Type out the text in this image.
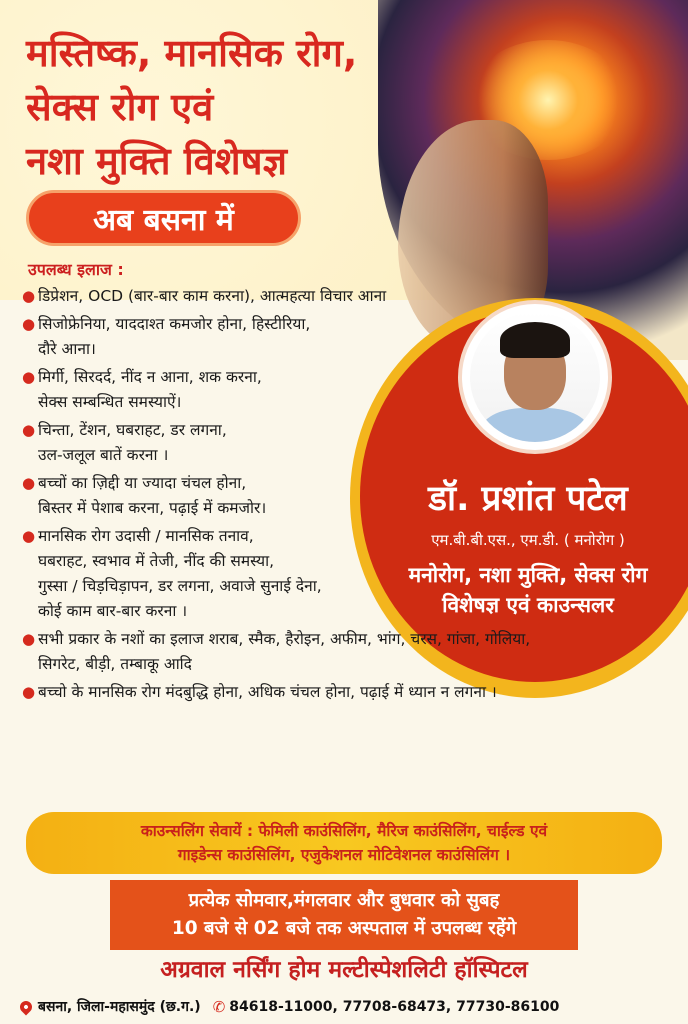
मस्तिष्क, मानसिक रोग,
सेक्स रोग एवं
नशा मुक्ति विशेषज्ञ
अब बसना में
उपलब्ध इलाज :
● डिप्रेशन, OCD (बार-बार काम करना), आत्महत्या विचार आना
● सिजोफ्रेनिया, याददाश्त कमजोर होना, हिस्टीरिया,
दौरे आना।
● मिर्गी, सिरदर्द, नींद न आना, शक करना,
सेक्स सम्बन्धित समस्याऐं।
● चिन्ता, टेंशन, घबराहट, डर लगना,
उल-जलूल बातें करना ।
● बच्चों का ज़िद्दी या ज्यादा चंचल होना,
बिस्तर में पेशाब करना, पढ़ाई में कमजोर।
● मानसिक रोग उदासी / मानसिक तनाव,
घबराहट, स्वभाव में तेजी, नींद की समस्या,
गुस्सा / चिड़चिड़ापन, डर लगना, अवाजे सुनाई देना,
कोई काम बार-बार करना ।
● सभी प्रकार के नशों का इलाज शराब, स्मैक, हैरोइन, अफीम, भांग, चरस, गांजा, गोलिया,
सिगरेट, बीड़ी, तम्बाकू आदि
● बच्चो के मानसिक रोग मंदबुद्धि होना, अधिक चंचल होना, पढ़ाई में ध्यान न लगना ।
डॉ. प्रशांत पटेल
एम.बी.बी.एस., एम.डी. ( मनोरोग )
मनोरोग, नशा मुक्ति, सेक्स रोग
विशेषज्ञ एवं काउन्सलर
काउन्सलिंग सेवायें : फेमिली काउंसिलिंग, मैरिज काउंसिलिंग, चाईल्ड एवं
गाइडेन्स काउंसिलिंग, एजुकेशनल मोटिवेशनल काउंसिलिंग ।
प्रत्येक सोमवार,मंगलवार और बुधवार को सुबह
10 बजे से 02 बजे तक अस्पताल में उपलब्ध रहेंगे
अग्रवाल नर्सिंग होम मल्टीस्पेशलिटी हॉस्पिटल
बसना, जिला-महासमुंद (छ.ग.) ✆ 84618-11000, 77708-68473, 77730-86100
